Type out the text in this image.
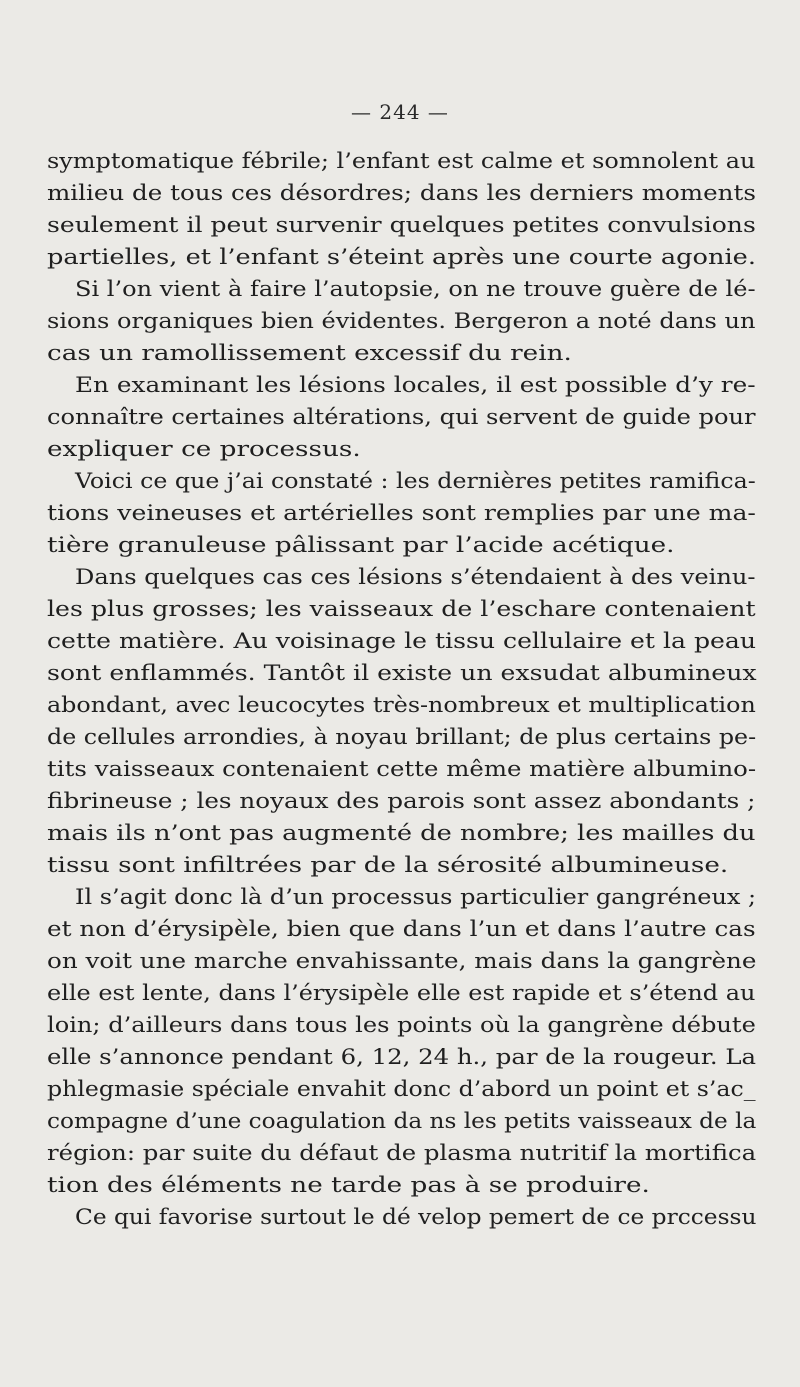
— 244 —
symptomatique fébrile; l’enfant est calme et somnolent au
milieu de tous ces désordres; dans les derniers moments
seulement il peut survenir quelques petites convulsions
partielles, et l’enfant s’éteint après une courte agonie.
Si l’on vient à faire l’autopsie, on ne trouve guère de lé-
sions organiques bien évidentes. Bergeron a noté dans un
cas un ramollissement excessif du rein.
En examinant les lésions locales, il est possible d’y re-
connaître certaines altérations, qui servent de guide pour
expliquer ce processus.
Voici ce que j’ai constaté : les dernières petites ramifica-
tions veineuses et artérielles sont remplies par une ma-
tière granuleuse pâlissant par l’acide acétique.
Dans quelques cas ces lésions s’étendaient à des veinu-
les plus grosses; les vaisseaux de l’eschare contenaient
cette matière. Au voisinage le tissu cellulaire et la peau
sont enflammés. Tantôt il existe un exsudat albumineux
abondant, avec leucocytes très-nombreux et multiplication
de cellules arrondies, à noyau brillant; de plus certains pe-
tits vaisseaux contenaient cette même matière albumino-
fibrineuse ; les noyaux des parois sont assez abondants ;
mais ils n’ont pas augmenté de nombre; les mailles du
tissu sont infiltrées par de la sérosité albumineuse.
Il s’agit donc là d’un processus particulier gangréneux ;
et non d’érysipèle, bien que dans l’un et dans l’autre cas
on voit une marche envahissante, mais dans la gangrène
elle est lente, dans l’érysipèle elle est rapide et s’étend au
loin; d’ailleurs dans tous les points où la gangrène débute
elle s’annonce pendant 6, 12, 24 h., par de la rougeur. La
phlegmasie spéciale envahit donc d’abord un point et s’ac_
compagne d’une coagulation da ns les petits vaisseaux de la
région: par suite du défaut de plasma nutritif la mortifica
tion des éléments ne tarde pas à se produire.
Ce qui favorise surtout le dé velop pemert de ce prccessu
